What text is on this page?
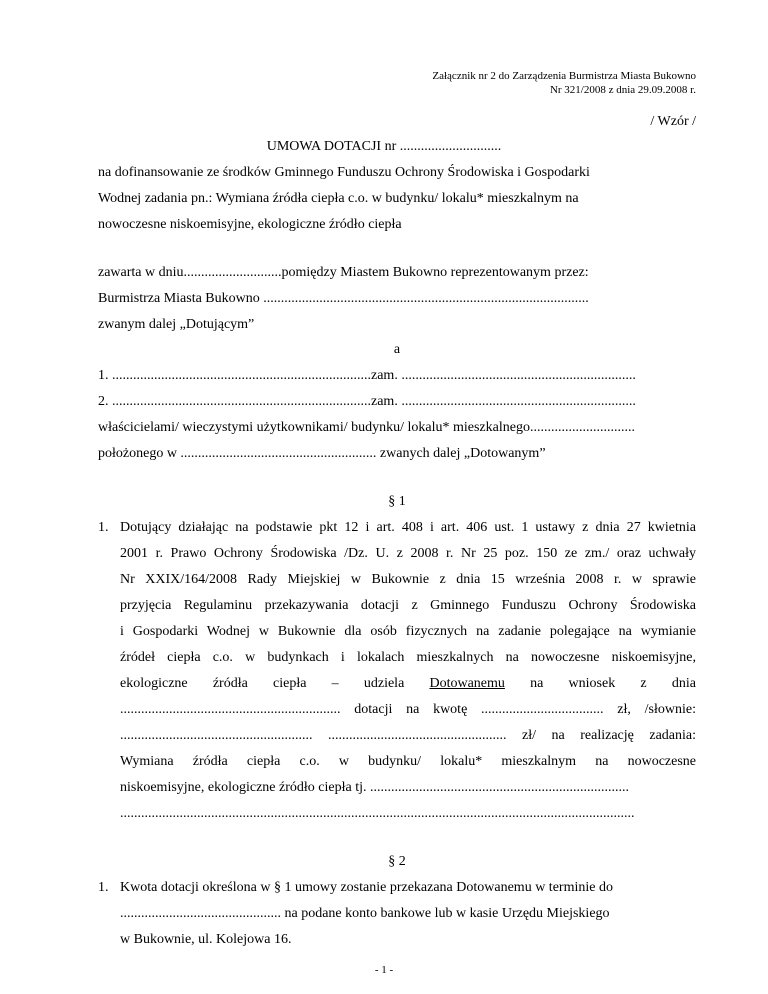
Załącznik nr 2 do Zarządzenia Burmistrza Miasta Bukowno
Nr 321/2008 z dnia 29.09.2008 r.
/ Wzór /
UMOWA DOTACJI nr .............................
na dofinansowanie ze środków Gminnego Funduszu Ochrony Środowiska i Gospodarki
Wodnej zadania pn.: Wymiana źródła ciepła c.o. w budynku/ lokalu* mieszkalnym na
nowoczesne niskoemisyjne, ekologiczne źródło ciepła
zawarta w dniu............................pomiędzy Miastem Bukowno reprezentowanym przez:
Burmistrza Miasta Bukowno .............................................................................................
zwanym dalej „Dotującym”
a
1. ..........................................................................zam. ...................................................................
2. ..........................................................................zam. ...................................................................
właścicielami/ wieczystymi użytkownikami/ budynku/ lokalu* mieszkalnego..............................
położonego w ........................................................ zwanych dalej „Dotowanym”
§ 1
1. Dotujący działając na podstawie pkt 12 i art. 408 i art. 406 ust. 1 ustawy z dnia 27 kwietnia
2001 r. Prawo Ochrony Środowiska /Dz. U. z 2008 r. Nr 25 poz. 150 ze zm./ oraz uchwały
Nr XXIX/164/2008 Rady Miejskiej w Bukownie z dnia 15 września 2008 r. w sprawie
przyjęcia Regulaminu przekazywania dotacji z Gminnego Funduszu Ochrony Środowiska
i Gospodarki Wodnej w Bukownie dla osób fizycznych na zadanie polegające na wymianie
źródeł ciepła c.o. w budynkach i lokalach mieszkalnych na nowoczesne niskoemisyjne,
ekologiczne źródła ciepła – udziela Dotowanemu na wniosek z dnia
............................................................... dotacji na kwotę ................................... zł, /słownie:
....................................................... ................................................... zł/ na realizację zadania:
Wymiana źródła ciepła c.o. w budynku/ lokalu* mieszkalnym na nowoczesne
niskoemisyjne, ekologiczne źródło ciepła tj. ..........................................................................
...................................................................................................................................................
§ 2
1. Kwota dotacji określona w § 1 umowy zostanie przekazana Dotowanemu w terminie do
.............................................. na podane konto bankowe lub w kasie Urzędu Miejskiego
w Bukownie, ul. Kolejowa 16.
- 1 -
